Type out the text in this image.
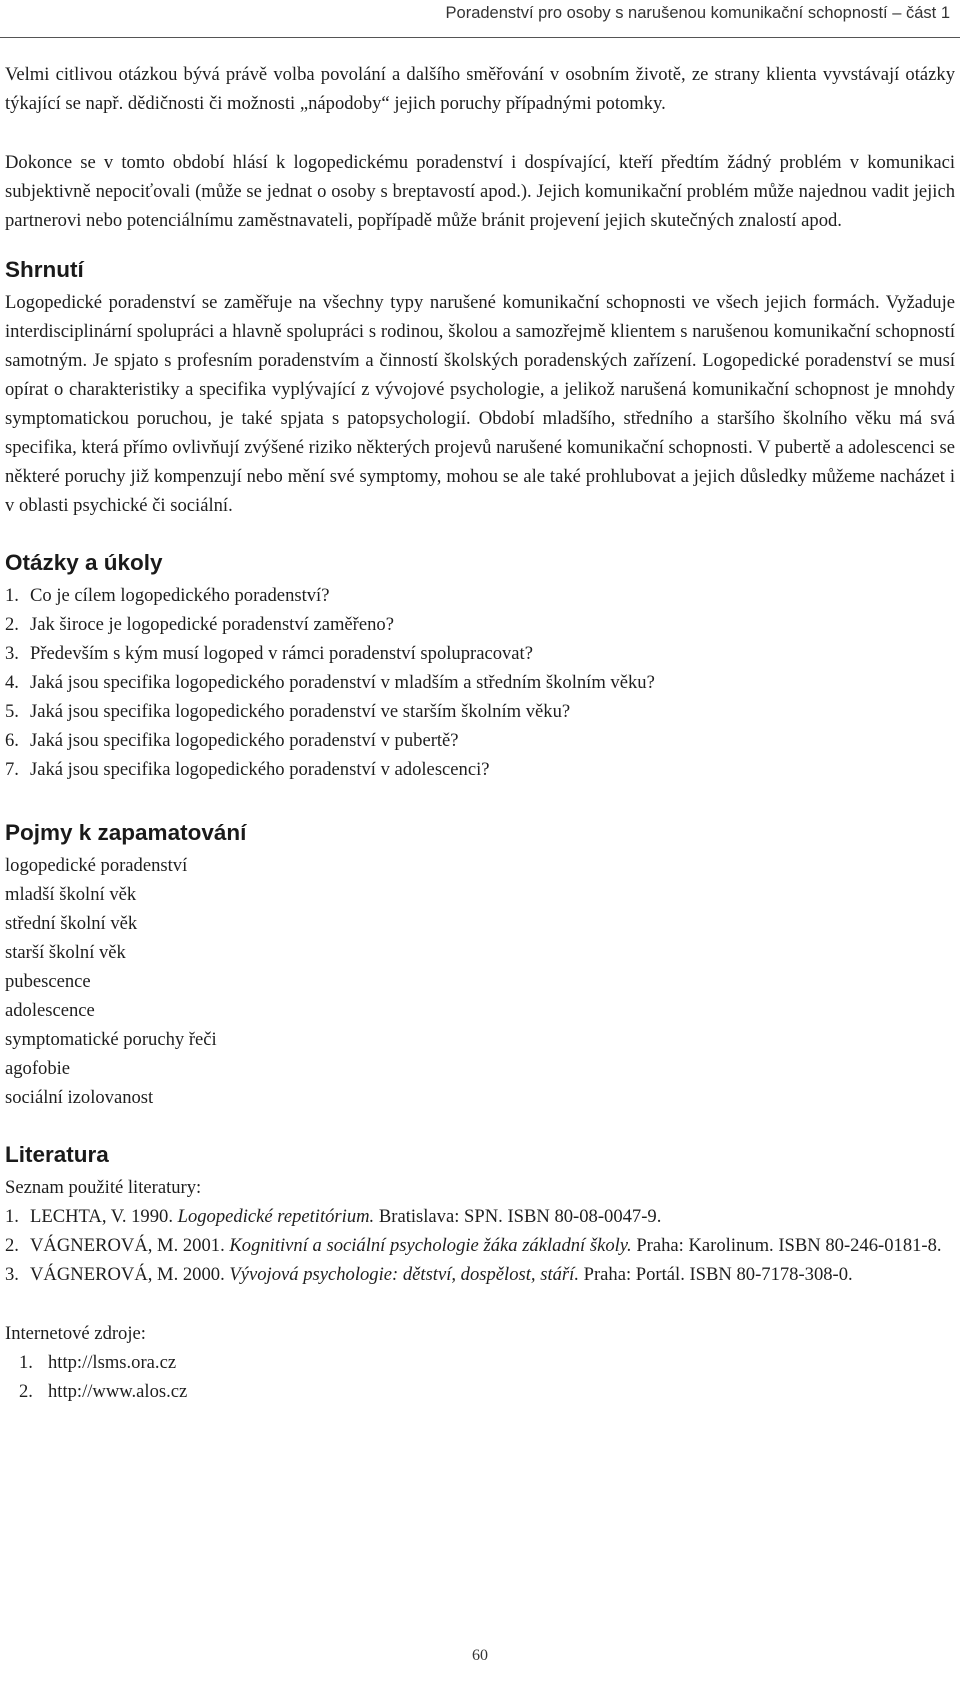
Poradenství pro osoby s narušenou komunikační schopností – část 1

Velmi citlivou otázkou bývá právě volba povolání a dalšího směřování v osobním životě, ze strany klienta vyvstávají otázky týkající se např. dědičnosti či možnosti „nápodoby“ jejich poruchy případnými potomky.

Dokonce se v tomto období hlásí k logopedickému poradenství i dospívající, kteří předtím žádný problém v komunikaci subjektivně nepociťovali (může se jednat o osoby s breptavostí apod.). Jejich komunikační problém může najednou vadit jejich partnerovi nebo potenciálnímu zaměstnavateli, popřípadě může bránit projevení jejich skutečných znalostí apod.

Shrnutí

Logopedické poradenství se zaměřuje na všechny typy narušené komunikační schopnosti ve všech jejich formách. Vyžaduje interdisciplinární spolupráci a hlavně spolupráci s rodinou, školou a samozřejmě klientem s narušenou komunikační schopností samotným. Je spjato s profesním poradenstvím a činností školských poradenských zařízení. Logopedické poradenství se musí opírat o charakteristiky a specifika vyplývající z vývojové psychologie, a jelikož narušená komunikační schopnost je mnohdy symptomatickou poruchou, je také spjata s patopsychologií. Období mladšího, středního a staršího školního věku má svá specifika, která přímo ovlivňují zvýšené riziko některých projevů narušené komunikační schopnosti. V pubertě a adolescenci se některé poruchy již kompenzují nebo mění své symptomy, mohou se ale také prohlubovat a jejich důsledky můžeme nacházet i v oblasti psychické či sociální.

Otázky a úkoly
1. Co je cílem logopedického poradenství?
2. Jak široce je logopedické poradenství zaměřeno?
3. Především s kým musí logoped v rámci poradenství spolupracovat?
4. Jaká jsou specifika logopedického poradenství v mladším a středním školním věku?
5. Jaká jsou specifika logopedického poradenství ve starším školním věku?
6. Jaká jsou specifika logopedického poradenství v pubertě?
7. Jaká jsou specifika logopedického poradenství v adolescenci?
Pojmy k zapamatování
logopedické poradenství
mladší školní věk
střední školní věk
starší školní věk
pubescence
adolescence
symptomatické poruchy řeči
agofobie
sociální izolovanost
Literatura
Seznam použité literatury:
1. LECHTA, V. 1990. Logopedické repetitórium. Bratislava: SPN. ISBN 80-08-0047-9.
2. VÁGNEROVÁ, M. 2001. Kognitivní a sociální psychologie žáka základní školy. Praha: Karolinum. ISBN 80-246-0181-8.
3. VÁGNEROVÁ, M. 2000. Vývojová psychologie: dětství, dospělost, stáří. Praha: Portál. ISBN 80-7178-308-0.
Internetové zdroje:
1. http://lsms.ora.cz
2. http://www.alos.cz
60
